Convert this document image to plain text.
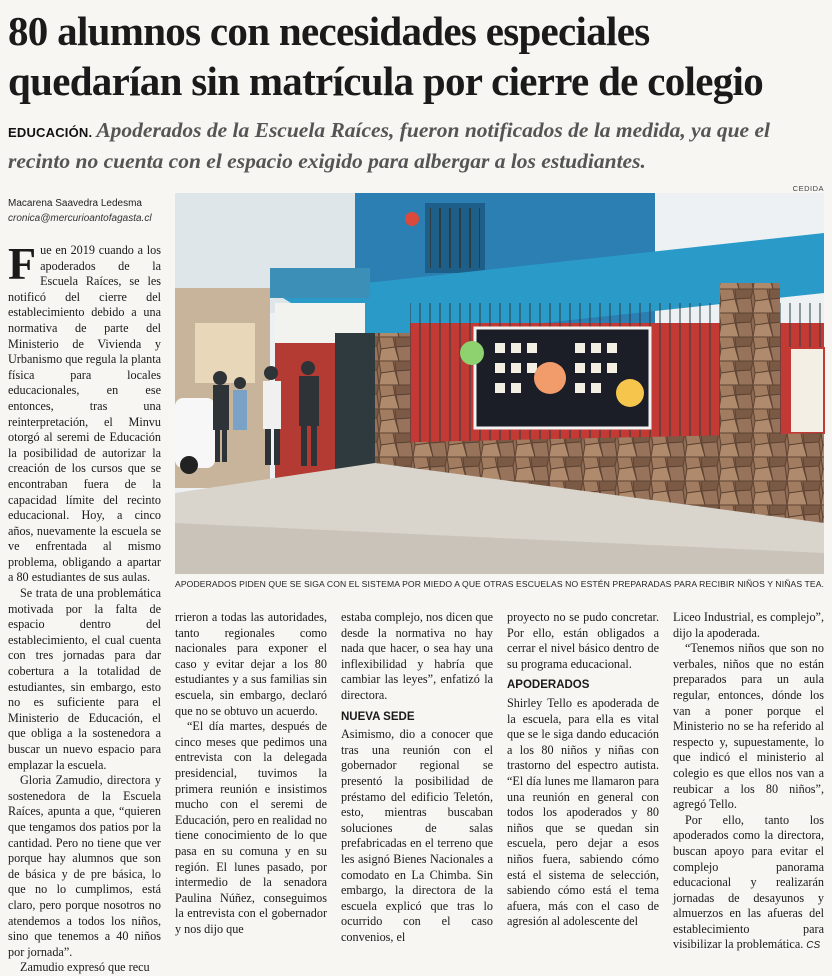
80 alumnos con necesidades especiales
quedarían sin matrícula por cierre de colegio
EDUCACIÓN. Apoderados de la Escuela Raíces, fueron notificados de la medida, ya que el recinto no cuenta con el espacio exigido para albergar a los estudiantes.
Macarena Saavedra Ledesma
cronica@mercurioantofagasta.cl
CEDIDA
APODERADOS PIDEN QUE SE SIGA CON EL SISTEMA POR MIEDO A QUE OTRAS ESCUELAS NO ESTÉN PREPARADAS PARA RECIBIR NIÑOS Y NIÑAS TEA.

Fue en 2019 cuando a los apoderados de la Escuela Raíces, se les notificó del cierre del establecimiento debido a una normativa de parte del Ministerio de Vivienda y Urbanismo que regula la planta física para locales educacionales, en ese entonces, tras una reinterpretación, el Minvu otorgó al seremi de Educación la posibilidad de autorizar la creación de los cursos que se encontraban fuera de la capacidad límite del recinto educacional. Hoy, a cinco años, nuevamente la escuela se ve enfrentada al mismo problema, obligando a apartar a 80 estudiantes de sus aulas.

Se trata de una problemática motivada por la falta de espacio dentro del establecimiento, el cual cuenta con tres jornadas para dar cobertura a la totalidad de estudiantes, sin embargo, esto no es suficiente para el Ministerio de Educación, el que obliga a la sostenedora a buscar un nuevo espacio para emplazar la escuela.

Gloria Zamudio, directora y sostenedora de la Escuela Raíces, apunta a que, “quieren que tengamos dos patios por la cantidad. Pero no tiene que ver porque hay alumnos que son de básica y de pre básica, lo que no lo cumplimos, está claro, pero porque nosotros no atendemos a todos los niños, sino que tenemos a 40 niños por jornada”.

Zamudio expresó que recu

rrieron a todas las autoridades, tanto regionales como nacionales para exponer el caso y evitar dejar a los 80 estudiantes y a sus familias sin escuela, sin embargo, declaró que no se obtuvo un acuerdo.

“El día martes, después de cinco meses que pedimos una entrevista con la delegada presidencial, tuvimos la primera reunión e insistimos mucho con el seremi de Educación, pero en realidad no tiene conocimiento de lo que pasa en su comuna y en su región. El lunes pasado, por intermedio de la senadora Paulina Núñez, conseguimos la entrevista con el gobernador y nos dijo que

estaba complejo, nos dicen que desde la normativa no hay nada que hacer, o sea hay una inflexibilidad y habría que cambiar las leyes”, enfatizó la directora.

NUEVA SEDE

Asimismo, dio a conocer que tras una reunión con el gobernador regional se presentó la posibilidad de préstamo del edificio Teletón, esto, mientras buscaban soluciones de salas prefabricadas en el terreno que les asignó Bienes Nacionales a comodato en La Chimba. Sin embargo, la directora de la escuela explicó que tras lo ocurrido con el caso convenios, el

proyecto no se pudo concretar. Por ello, están obligados a cerrar el nivel básico dentro de su programa educacional.

APODERADOS

Shirley Tello es apoderada de la escuela, para ella es vital que se le siga dando educación a los 80 niños y niñas con trastorno del espectro autista. “El día lunes me llamaron para una reunión en general con todos los apoderados y 80 niños que se quedan sin escuela, pero dejar a esos niños fuera, sabiendo cómo está el sistema de selección, sabiendo cómo está el tema afuera, más con el caso de agresión al adolescente del

Liceo Industrial, es complejo”, dijo la apoderada.

“Tenemos niños que son no verbales, niños que no están preparados para un aula regular, entonces, dónde los van a poner porque el Ministerio no se ha referido al respecto y, supuestamente, lo que indicó el ministerio al colegio es que ellos nos van a reubicar a los 80 niños”, agregó Tello.

Por ello, tanto los apoderados como la directora, buscan apoyo para evitar el complejo panorama educacional y realizarán jornadas de desayunos y almuerzos en las afueras del establecimiento para visibilizar la problemática. CS
